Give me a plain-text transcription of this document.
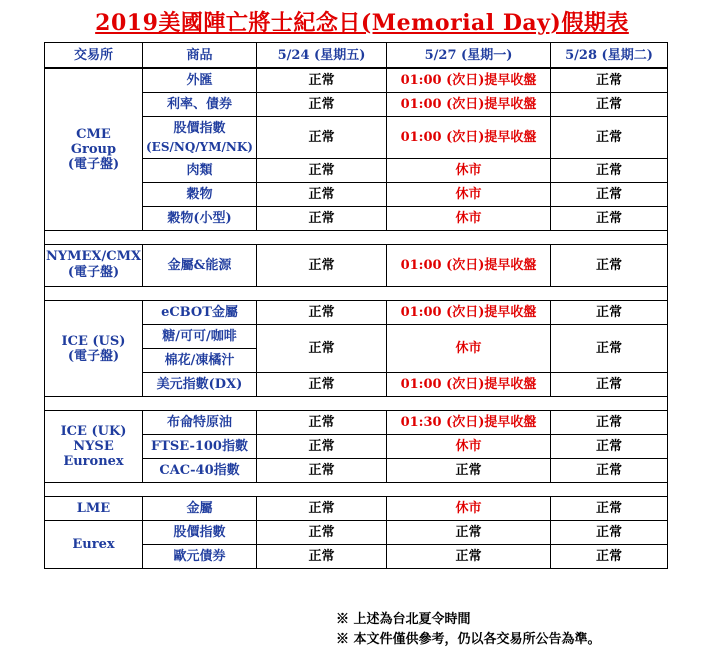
2019美國陣亡將士紀念日(Memorial Day)假期表
交易所	商品	5/24 (星期五)	5/27 (星期一)	5/28 (星期二)

CME
Group
(電子盤)	外匯	正常	01:00 (次日)提早收盤	正常
	利率、債券	正常	01:00 (次日)提早收盤	正常

	股價指數
(ES/NQ/YM/NK)	正常	01:00 (次日)提早收盤	正常
	肉類	正常	休市	正常
	穀物	正常	休市	正常
	穀物(小型)	正常	休市	正常

NYMEX/CMX
(電子盤)	金屬&能源	正常	01:00 (次日)提早收盤	正常

ICE (US)
(電子盤)	eCBOT金屬	正常	01:00 (次日)提早收盤	正常
	糖/可可/咖啡	正常	休市	正常
	棉花/凍橘汁			
	美元指數(DX)	正常	01:00 (次日)提早收盤	正常

ICE (UK)
NYSE
Euronex	布侖特原油	正常	01:30 (次日)提早收盤	正常
	FTSE-100指數	正常	休市	正常
	CAC-40指數	正常	正常	正常

LME	金屬	正常	休市	正常
Eurex	股價指數	正常	正常	正常
	歐元債券	正常	正常	正常
※ 上述為台北夏令時間
※ 本文件僅供參考，仍以各交易所公告為準。
